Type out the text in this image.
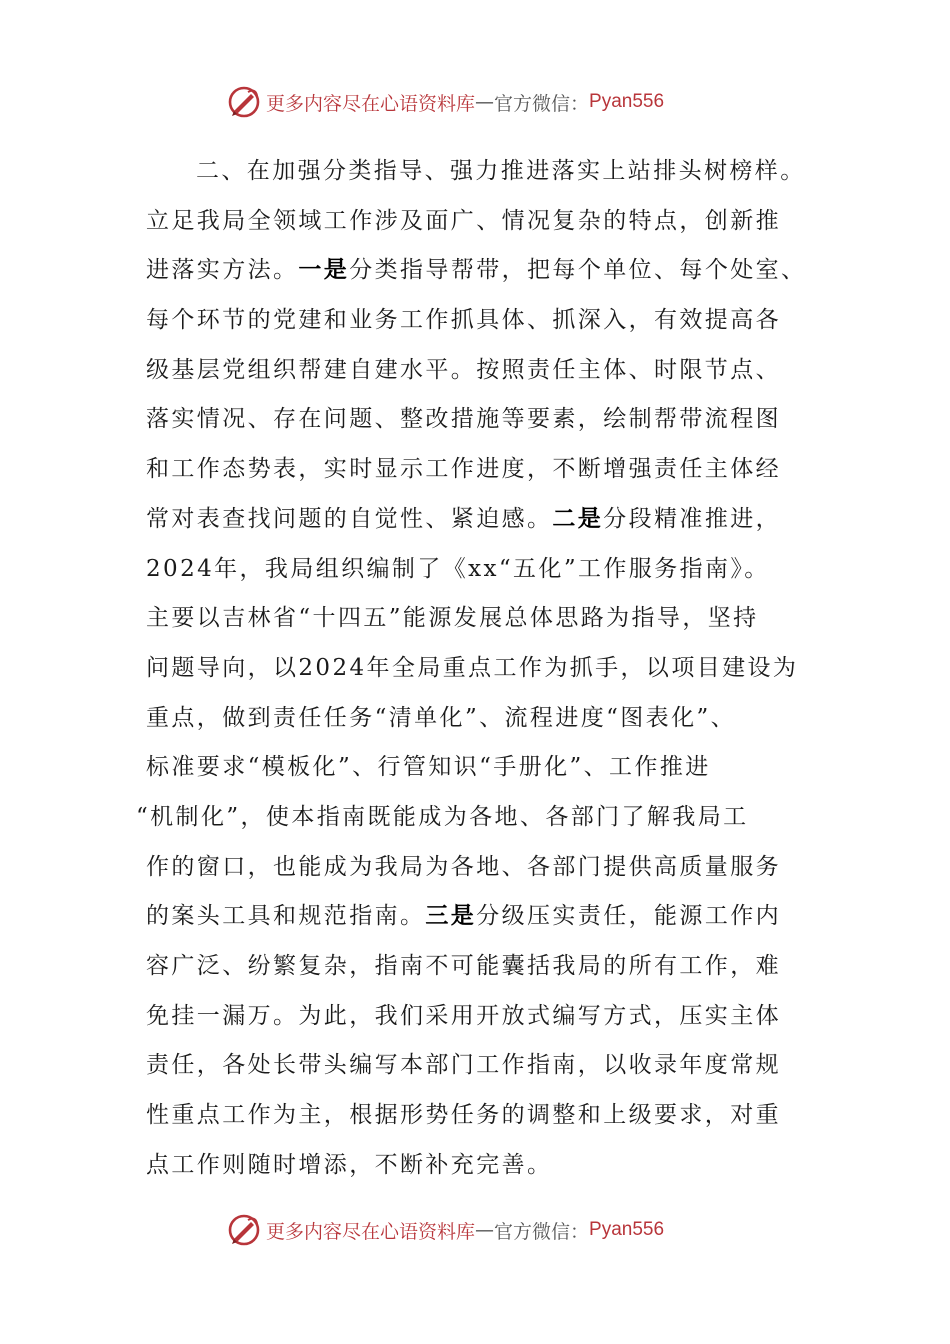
更多内容尽在心语资料库 — 官方微信： Pyan556
二、在加强分类指导、强力推进落实上站排头树榜样。
立足我局全领域工作涉及面广、情况复杂的特点，创新推
进落实方法。一是分类指导帮带，把每个单位、每个处室、
每个环节的党建和业务工作抓具体、抓深入，有效提高各
级基层党组织帮建自建水平。按照责任主体、时限节点、
落实情况、存在问题、整改措施等要素，绘制帮带流程图
和工作态势表，实时显示工作进度，不断增强责任主体经
常对表查找问题的自觉性、紧迫感。二是分段精准推进，
2024年，我局组织编制了《xx“五化”工作服务指南》。
主要以吉林省“十四五”能源发展总体思路为指导，坚持
问题导向，以2024年全局重点工作为抓手，以项目建设为
重点，做到责任任务“清单化”、流程进度“图表化”、
标准要求“模板化”、行管知识“手册化”、工作推进
“机制化”，使本指南既能成为各地、各部门了解我局工
作的窗口，也能成为我局为各地、各部门提供高质量服务
的案头工具和规范指南。三是分级压实责任，能源工作内
容广泛、纷繁复杂，指南不可能囊括我局的所有工作，难
免挂一漏万。为此，我们采用开放式编写方式，压实主体
责任，各处长带头编写本部门工作指南，以收录年度常规
性重点工作为主，根据形势任务的调整和上级要求，对重
点工作则随时增添，不断补充完善。
更多内容尽在心语资料库 — 官方微信： Pyan556
